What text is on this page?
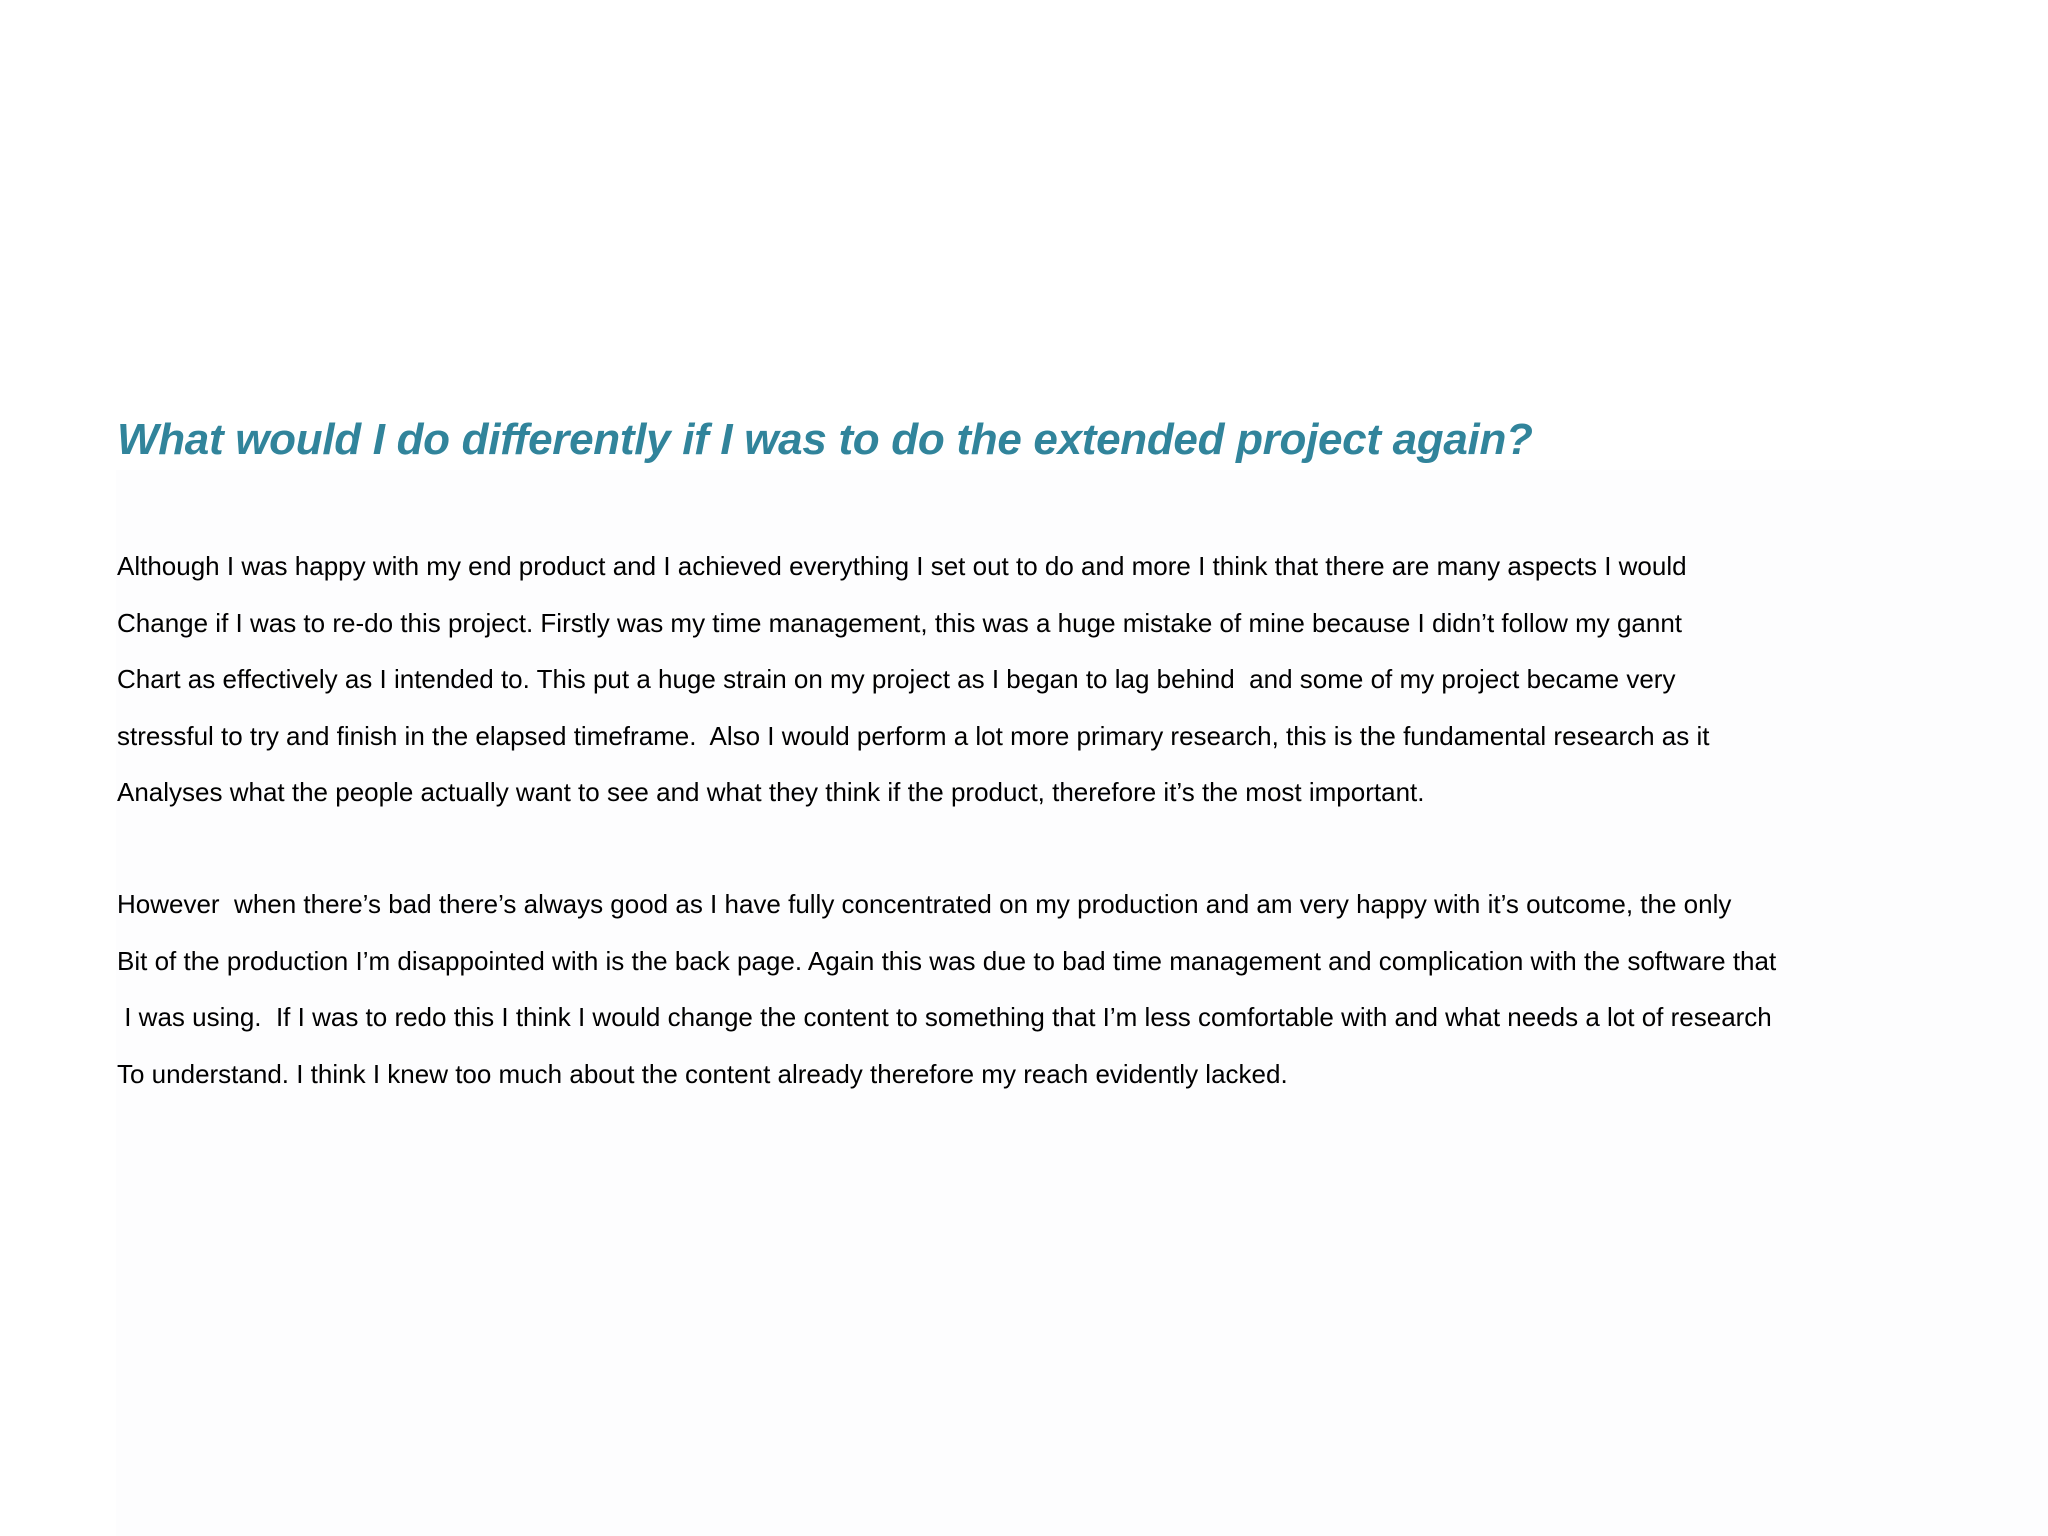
What would I do differently if I was to do the extended project again?
Although I was happy with my end product and I achieved everything I set out to do and more I think that there are many aspects I would
Change if I was to re-do this project. Firstly was my time management, this was a huge mistake of mine because I didn’t follow my gannt
Chart as effectively as I intended to. This put a huge strain on my project as I began to lag behind  and some of my project became very
stressful to try and finish in the elapsed timeframe.  Also I would perform a lot more primary research, this is the fundamental research as it
Analyses what the people actually want to see and what they think if the product, therefore it’s the most important.
However  when there’s bad there’s always good as I have fully concentrated on my production and am very happy with it’s outcome, the only
Bit of the production I’m disappointed with is the back page. Again this was due to bad time management and complication with the software that
I was using.  If I was to redo this I think I would change the content to something that I’m less comfortable with and what needs a lot of research
To understand. I think I knew too much about the content already therefore my reach evidently lacked.
